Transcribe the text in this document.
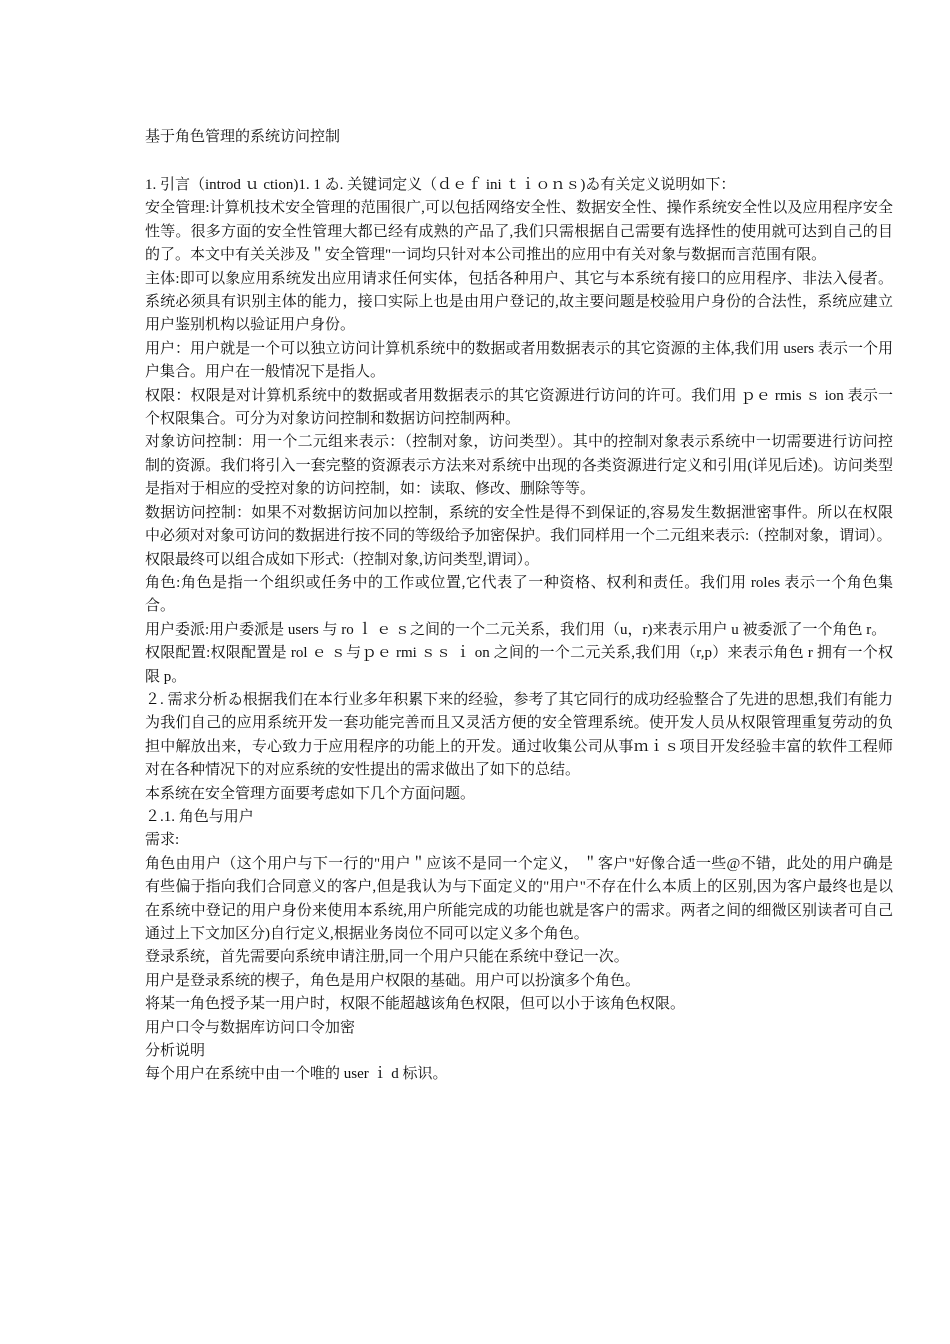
基于角色管理的系统访问控制

1. 引言（introd ｕ ction)1. 1 ゐ. 关键词定义（ｄｅｆ ini ｔｉｏｎｓ)ゐ有关定义说明如下：

安全管理:计算机技术安全管理的范围很广,可以包括网络安全性、数据安全性、操作系统安全性以及应用程序安全性等。很多方面的安全性管理大都已经有成熟的产品了,我们只需根据自己需要有选择性的使用就可达到自己的目的了。本文中有关关涉及＂安全管理"一词均只针对本公司推出的应用中有关对象与数据而言范围有限。

主体:即可以象应用系统发出应用请求任何实体，包括各种用户、其它与本系统有接口的应用程序、非法入侵者。系统必须具有识别主体的能力，接口实际上也是由用户登记的,故主要问题是校验用户身份的合法性，系统应建立用户鉴别机构以验证用户身份。

用户：用户就是一个可以独立访问计算机系统中的数据或者用数据表示的其它资源的主体,我们用 users 表示一个用户集合。用户在一般情况下是指人。

权限：权限是对计算机系统中的数据或者用数据表示的其它资源进行访问的许可。我们用 ｐｅ rmis ｓ ion 表示一个权限集合。可分为对象访问控制和数据访问控制两种。

对象访问控制：用一个二元组来表示：（控制对象，访问类型）。其中的控制对象表示系统中一切需要进行访问控制的资源。我们将引入一套完整的资源表示方法来对系统中出现的各类资源进行定义和引用(详见后述)。访问类型是指对于相应的受控对象的访问控制，如：读取、修改、删除等等。

数据访问控制：如果不对数据访问加以控制，系统的安全性是得不到保证的,容易发生数据泄密事件。所以在权限中必须对对象可访问的数据进行按不同的等级给予加密保护。我们同样用一个二元组来表示:（控制对象，谓词）。

权限最终可以组合成如下形式:（控制对象,访问类型,谓词）。

角色:角色是指一个组织或任务中的工作或位置,它代表了一种资格、权利和责任。我们用 roles 表示一个角色集合。

用户委派:用户委派是 users 与 ro ｌ ｅ ｓ之间的一个二元关系，我们用（u，r)来表示用户 u 被委派了一个角色 r。

权限配置:权限配置是 rol ｅ ｓ与ｐｅ rmi ｓｓ ｉ on 之间的一个二元关系,我们用（r,p）来表示角色 r 拥有一个权限 p。

２. 需求分析ゐ根据我们在本行业多年积累下来的经验，参考了其它同行的成功经验整合了先进的思想,我们有能力为我们自己的应用系统开发一套功能完善而且又灵活方便的安全管理系统。使开发人员从权限管理重复劳动的负担中解放出来，专心致力于应用程序的功能上的开发。通过收集公司从事ｍｉｓ项目开发经验丰富的软件工程师对在各种情况下的对应系统的安性提出的需求做出了如下的总结。

本系统在安全管理方面要考虑如下几个方面问题。

２.1. 角色与用户

需求:

角色由用户（这个用户与下一行的"用户＂应该不是同一个定义， ＂客户"好像合适一些@不错，此处的用户确是有些偏于指向我们合同意义的客户,但是我认为与下面定义的"用户"不存在什么本质上的区别,因为客户最终也是以在系统中登记的用户身份来使用本系统,用户所能完成的功能也就是客户的需求。两者之间的细微区别读者可自己通过上下文加区分)自行定义,根据业务岗位不同可以定义多个角色。

登录系统，首先需要向系统申请注册,同一个用户只能在系统中登记一次。

用户是登录系统的楔子，角色是用户权限的基础。用户可以扮演多个角色。

将某一角色授予某一用户时，权限不能超越该角色权限，但可以小于该角色权限。

用户口令与数据库访问口令加密

分析说明

每个用户在系统中由一个唯的 user ｉ d 标识。
